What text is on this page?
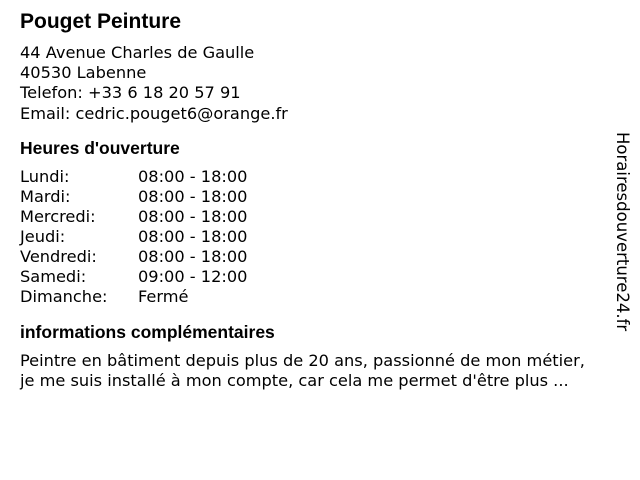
Pouget Peinture
44 Avenue Charles de Gaulle
40530 Labenne
Telefon: +33 6 18 20 57 91
Email: cedric.pouget6@orange.fr
Heures d'ouverture
Lundi:	08:00 - 18:00
Mardi:	08:00 - 18:00
Mercredi:	08:00 - 18:00
Jeudi:	08:00 - 18:00
Vendredi:	08:00 - 18:00
Samedi:	09:00 - 12:00
Dimanche:	Fermé
informations complémentaires
Peintre en bâtiment depuis plus de 20 ans, passionné de mon métier,
je me suis installé à mon compte, car cela me permet d'être plus ...
Horairesdouverture24.fr
